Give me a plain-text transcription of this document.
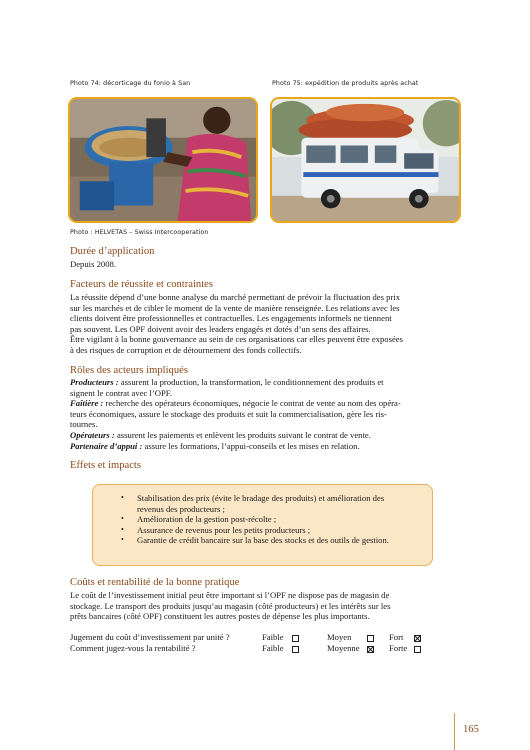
Photo 74: décorticage du fonio à San	Photo 75: expédition de produits après achat
Photo : HELVETAS – Swiss Intercooperation
Durée d’application
Depuis 2008.
Facteurs de réussite et contraintes

La réussite dépend d’une bonne analyse du marché permettant de prévoir la fluctuation des prix

sur les marchés et de cibler le moment de la vente de manière renseignée. Les relations avec les

clients doivent être professionnelles et contractuelles. Les engagements informels ne tiennent

pas souvent. Les OPF doivent avoir des leaders engagés et dotés d’un sens des affaires.

Être vigilant à la bonne gouvernance au sein de ces organisations car elles peuvent être exposées

à des risques de corruption et de détournement des fonds collectifs.

Rôles des acteurs impliqués

Producteurs : assurent la production, la transformation, le conditionnement des produits et

signent le contrat avec l’OPF.

Faîtière : recherche des opérateurs économiques, négocie le contrat de vente au nom des opéra-

teurs économiques, assure le stockage des produits et suit la commercialisation, gère les ris-

tournes.

Opérateurs : assurent les paiements et enlèvent les produits suivant le contrat de vente.

Partenaire d’appui : assure les formations, l’appui-conseils et les mises en relation.

Effets et impacts
• Stabilisation des prix (évite le bradage des produits) et amélioration des revenus des producteurs ;
• Amélioration de la gestion post-récolte ;
• Assurance de revenus pour les petits producteurs ;
• Garantie de crédit bancaire sur la base des stocks et des outils de gestion.
Coûts et rentabilité de la bonne pratique

Le coût de l’investissement initial peut être important si l’OPF ne dispose pas de magasin de

stockage. Le transport des produits jusqu’au magasin (côté producteurs) et les intérêts sur les

prêts bancaires (côté OPF) constituent les autres postes de dépense les plus importants.

Jugement du coût d’investissement par unité ?	Faible	Moyen	Fort
Comment jugez-vous la rentabilité ?	Faible	Moyenne	Forte
165
